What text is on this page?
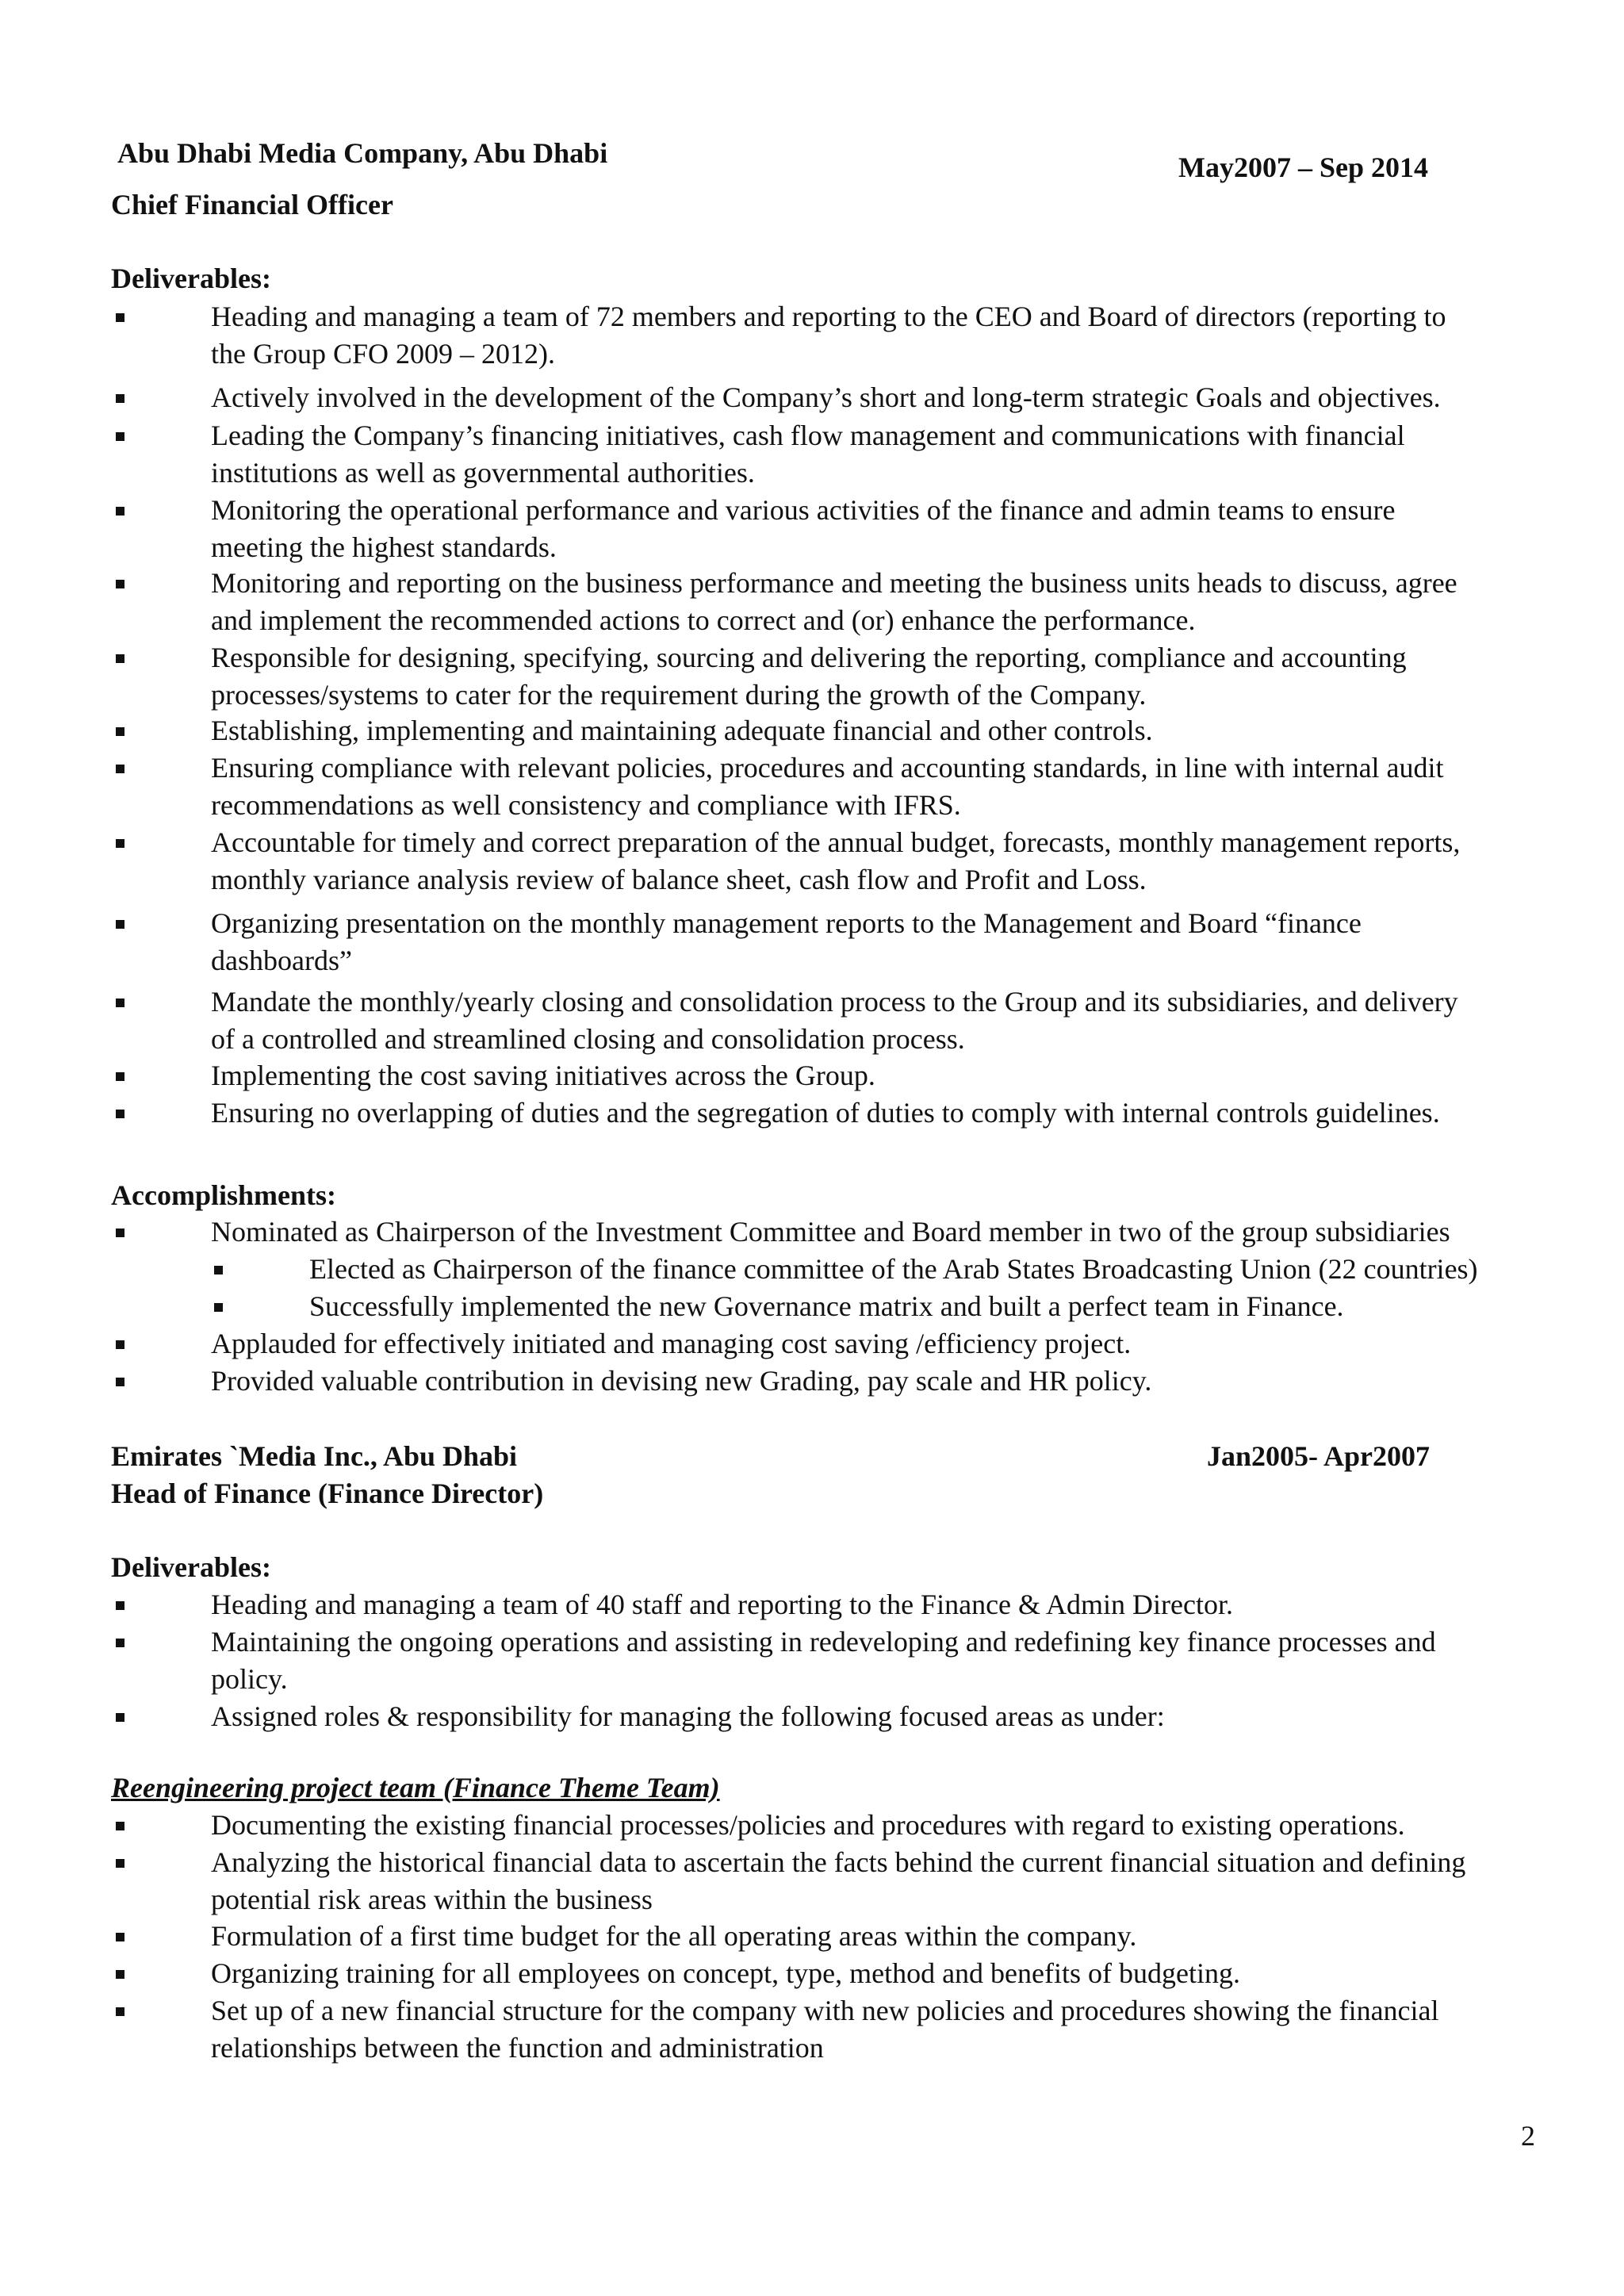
Abu Dhabi Media Company, Abu Dhabi	May2007 – Sep 2014
Chief Financial Officer
Deliverables:
Heading and managing a team of 72 members and reporting to the CEO and Board of directors (reporting to
the Group CFO 2009 – 2012).
Actively involved in the development of the Company’s short and long-term strategic Goals and objectives.
Leading the Company’s financing initiatives, cash flow management and communications with financial
institutions as well as governmental authorities.
Monitoring the operational performance and various activities of the finance and admin teams to ensure
meeting the highest standards.
Monitoring and reporting on the business performance and meeting the business units heads to discuss, agree
and implement the recommended actions to correct and (or) enhance the performance.
Responsible for designing, specifying, sourcing and delivering the reporting, compliance and accounting
processes/systems to cater for the requirement during the growth of the Company.
Establishing, implementing and maintaining adequate financial and other controls.
Ensuring compliance with relevant policies, procedures and accounting standards, in line with internal audit
recommendations as well consistency and compliance with IFRS.
Accountable for timely and correct preparation of the annual budget, forecasts, monthly management reports,
monthly variance analysis review of balance sheet, cash flow and Profit and Loss.
Organizing presentation on the monthly management reports to the Management and Board “finance
dashboards”
Mandate the monthly/yearly closing and consolidation process to the Group and its subsidiaries, and delivery
of a controlled and streamlined closing and consolidation process.
Implementing the cost saving initiatives across the Group.
Ensuring no overlapping of duties and the segregation of duties to comply with internal controls guidelines.
Accomplishments:
Nominated as Chairperson of the Investment Committee and Board member in two of the group subsidiaries
Elected as Chairperson of the finance committee of the Arab States Broadcasting Union (22 countries)
Successfully implemented the new Governance matrix and built a perfect team in Finance.
Applauded for effectively initiated and managing cost saving /efficiency project.
Provided valuable contribution in devising new Grading, pay scale and HR policy.
Emirates `Media Inc., Abu Dhabi	Jan2005- Apr2007
Head of Finance (Finance Director)
Deliverables:
Heading and managing a team of 40 staff and reporting to the Finance & Admin Director.
Maintaining the ongoing operations and assisting in redeveloping and redefining key finance processes and
policy.
Assigned roles & responsibility for managing the following focused areas as under:
Reengineering project team (Finance Theme Team)
Documenting the existing financial processes/policies and procedures with regard to existing operations.
Analyzing the historical financial data to ascertain the facts behind the current financial situation and defining
potential risk areas within the business
Formulation of a first time budget for the all operating areas within the company.
Organizing training for all employees on concept, type, method and benefits of budgeting.
Set up of a new financial structure for the company with new policies and procedures showing the financial
relationships between the function and administration
2
